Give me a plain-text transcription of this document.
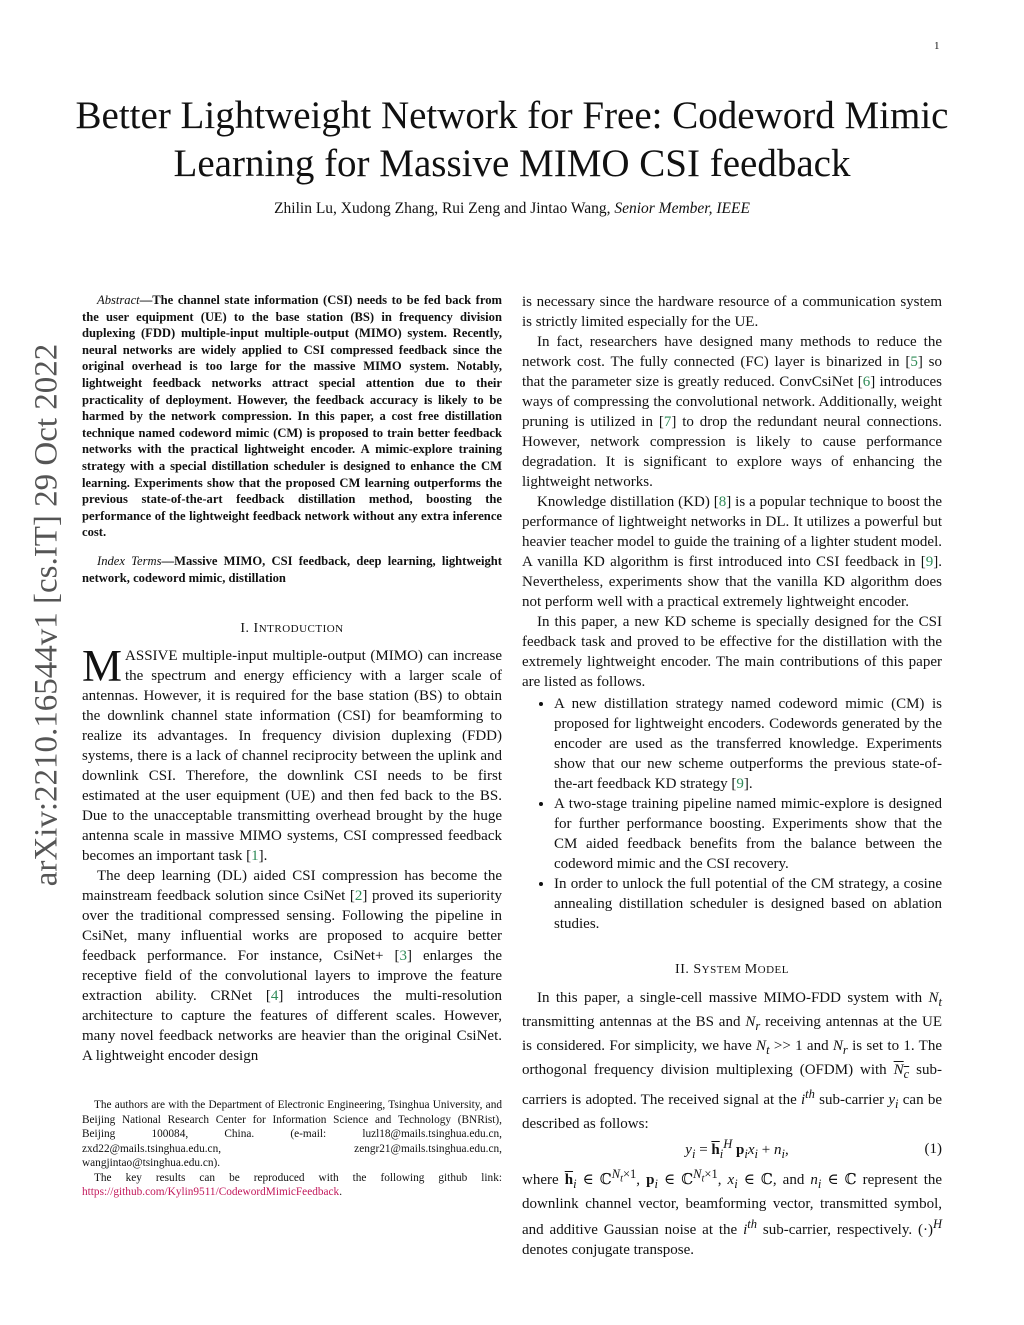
1
Better Lightweight Network for Free: Codeword Mimic Learning for Massive MIMO CSI feedback
Zhilin Lu, Xudong Zhang, Rui Zeng and Jintao Wang, Senior Member, IEEE
arXiv:2210.16544v1 [cs.IT] 29 Oct 2022
Abstract—The channel state information (CSI) needs to be fed back from the user equipment (UE) to the base station (BS) in frequency division duplexing (FDD) multiple-input multiple-output (MIMO) system. Recently, neural networks are widely applied to CSI compressed feedback since the original overhead is too large for the massive MIMO system. Notably, lightweight feedback networks attract special attention due to their practicality of deployment. However, the feedback accuracy is likely to be harmed by the network compression. In this paper, a cost free distillation technique named codeword mimic (CM) is proposed to train better feedback networks with the practical lightweight encoder. A mimic-explore training strategy with a special distillation scheduler is designed to enhance the CM learning. Experiments show that the proposed CM learning outperforms the previous state-of-the-art feedback distillation method, boosting the performance of the lightweight feedback network without any extra inference cost.
Index Terms—Massive MIMO, CSI feedback, deep learning, lightweight network, codeword mimic, distillation
I. INTRODUCTION

MASSIVE multiple-input multiple-output (MIMO) can increase the spectrum and energy efficiency with a larger scale of antennas. However, it is required for the base station (BS) to obtain the downlink channel state information (CSI) for beamforming to realize its advantages. In frequency division duplexing (FDD) systems, there is a lack of channel reciprocity between the uplink and downlink CSI. Therefore, the downlink CSI needs to be first estimated at the user equipment (UE) and then fed back to the BS. Due to the unacceptable transmitting overhead brought by the huge antenna scale in massive MIMO systems, CSI compressed feedback becomes an important task [1].

The deep learning (DL) aided CSI compression has become the mainstream feedback solution since CsiNet [2] proved its superiority over the traditional compressed sensing. Following the pipeline in CsiNet, many influential works are proposed to acquire better feedback performance. For instance, CsiNet+ [3] enlarges the receptive field of the convolutional layers to improve the feature extraction ability. CRNet [4] introduces the multi-resolution architecture to capture the features of different scales. However, many novel feedback networks are heavier than the original CsiNet. A lightweight encoder design

The authors are with the Department of Electronic Engineering, Tsinghua University, and Beijing National Research Center for Information Science and Technology (BNRist), Beijing 100084, China. (e-mail: luzl18@mails.tsinghua.edu.cn, zxd22@mails.tsinghua.edu.cn, zengr21@mails.tsinghua.edu.cn, wangjintao@tsinghua.edu.cn).

The key results can be reproduced with the following github link: https://github.com/Kylin9511/CodewordMimicFeedback.

is necessary since the hardware resource of a communication system is strictly limited especially for the UE.

In fact, researchers have designed many methods to reduce the network cost. The fully connected (FC) layer is binarized in [5] so that the parameter size is greatly reduced. ConvCsiNet [6] introduces ways of compressing the convolutional network. Additionally, weight pruning is utilized in [7] to drop the redundant neural connections. However, network compression is likely to cause performance degradation. It is significant to explore ways of enhancing the lightweight networks.

Knowledge distillation (KD) [8] is a popular technique to boost the performance of lightweight networks in DL. It utilizes a powerful but heavier teacher model to guide the training of a lighter student model. A vanilla KD algorithm is first introduced into CSI feedback in [9]. Nevertheless, experiments show that the vanilla KD algorithm does not perform well with a practical extremely lightweight encoder.

In this paper, a new KD scheme is specially designed for the CSI feedback task and proved to be effective for the distillation with the extremely lightweight encoder. The main contributions of this paper are listed as follows.

• A new distillation strategy named codeword mimic (CM) is proposed for lightweight encoders. Codewords generated by the encoder are used as the transferred knowledge. Experiments show that our new scheme outperforms the previous state-of-the-art feedback KD strategy [9].
• A two-stage training pipeline named mimic-explore is designed for further performance boosting. Experiments show that the CM aided feedback benefits from the balance between the codeword mimic and the CSI recovery.
• In order to unlock the full potential of the CM strategy, a cosine annealing distillation scheduler is designed based on ablation studies.
II. SYSTEM MODEL

In this paper, a single-cell massive MIMO-FDD system with $N_t$ transmitting antennas at the BS and $N_r$ receiving antennas at the UE is considered. For simplicity, we have $N_t >> 1$ and $N_r$ is set to 1. The orthogonal frequency division multiplexing (OFDM) with $N_c$ sub-carriers is adopted. The received signal at the $i^{th}$ sub-carrier $y_i$ can be described as follows:

$y_i = \overline{h}_i^H$ $p_ix_i + n_i$,	(1)

where $\overline{h}_i$ ∈ ℂ$^{N_t\times 1}$, $p_i$ ∈ ℂ$^{N_t\times 1}$, $x_i$ ∈ ℂ, and $n_i$ ∈ ℂ represent the downlink channel vector, beamforming vector, transmitted symbol, and additive Gaussian noise at the $i^{th}$ sub-carrier, respectively. $(\cdot)^H$ denotes conjugate transpose.
